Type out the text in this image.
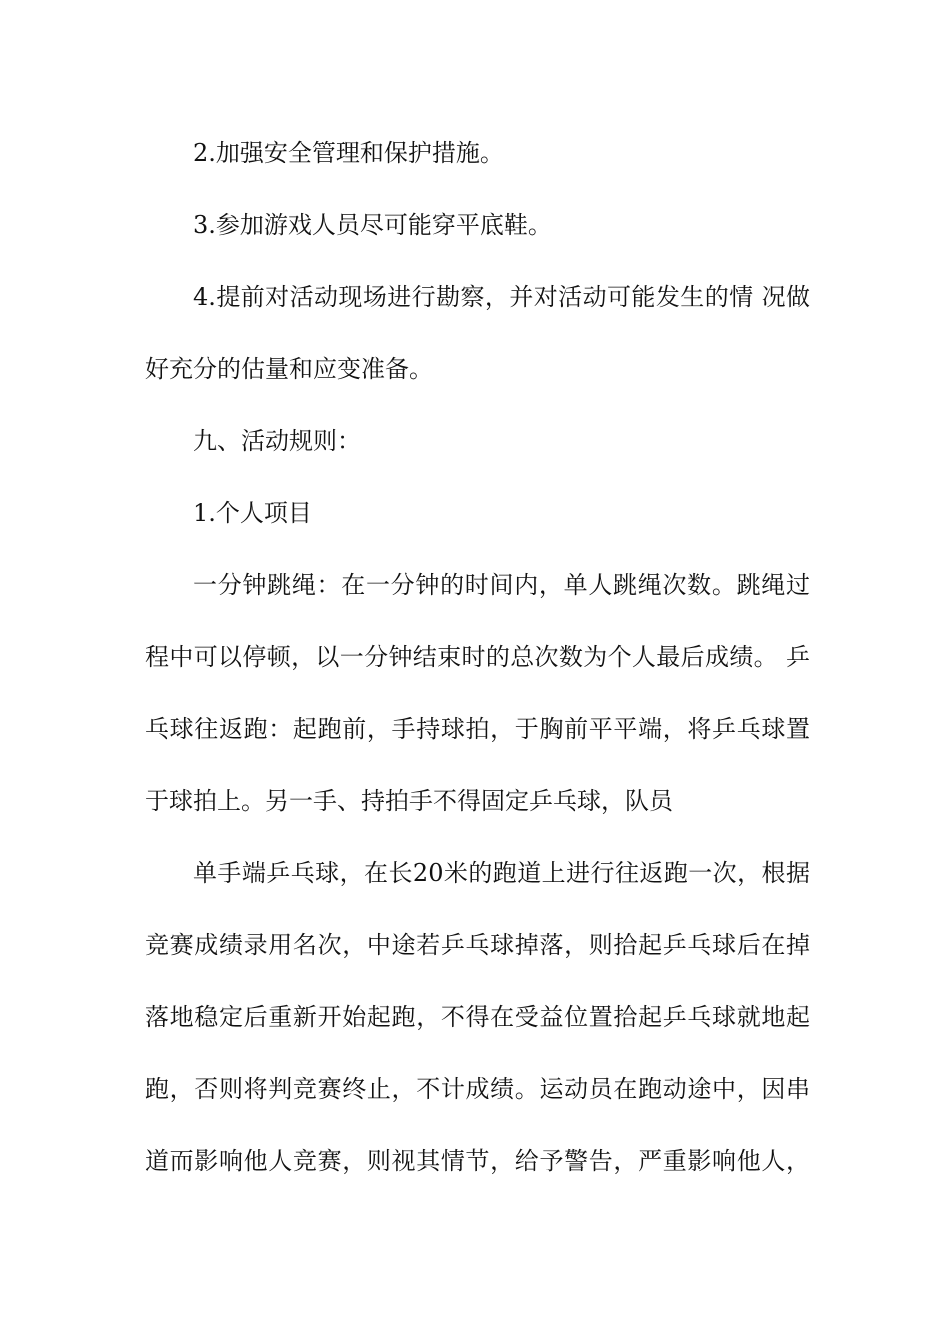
2.加强安全管理和保护措施。
3.参加游戏人员尽可能穿平底鞋。
4.提前对活动现场进行勘察，并对活动可能发生的情 况做
好充分的估量和应变准备。
九、活动规则：
1.个人项目
一分钟跳绳：在一分钟的时间内，单人跳绳次数。跳绳过
程中可以停顿，以一分钟结束时的总次数为个人最后成绩。 乒
乓球往返跑：起跑前，手持球拍，于胸前平平端，将乒乓球置
于球拍上。另一手、持拍手不得固定乒乓球，队员
单手端乒乓球，在长20米的跑道上进行往返跑一次，根据
竞赛成绩录用名次，中途若乒乓球掉落，则拾起乒乓球后在掉
落地稳定后重新开始起跑，不得在受益位置拾起乒乓球就地起
跑，否则将判竞赛终止，不计成绩。运动员在跑动途中，因串
道而影响他人竞赛，则视其情节，给予警告，严重影响他人，
